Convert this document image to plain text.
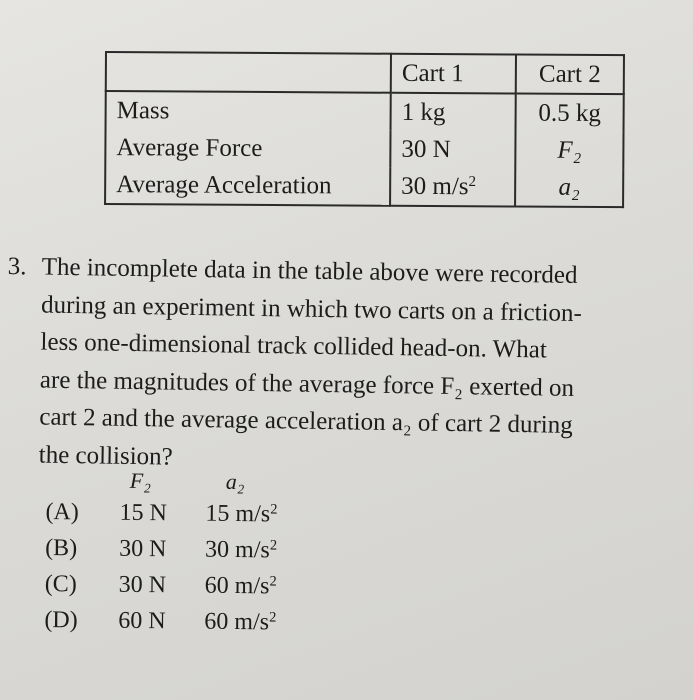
	Cart 1	Cart 2
Mass	1 kg	0.5 kg
Average Force	30 N	F₂
Average Acceleration	30 $m/s^2$	a₂
3. The incomplete data in the table above were recorded
during an experiment in which two carts on a friction-
less one-dimensional track collided head-on. What
are the magnitudes of the average force F₂ exerted on
cart 2 and the average acceleration a₂ of cart 2 during
the collision?
F₂	a₂
(A)	15 N	15 $m/s^2$
(B)	30 N	30 $m/s^2$
(C)	30 N	60 $m/s^2$
(D)	60 N	60 $m/s^2$
